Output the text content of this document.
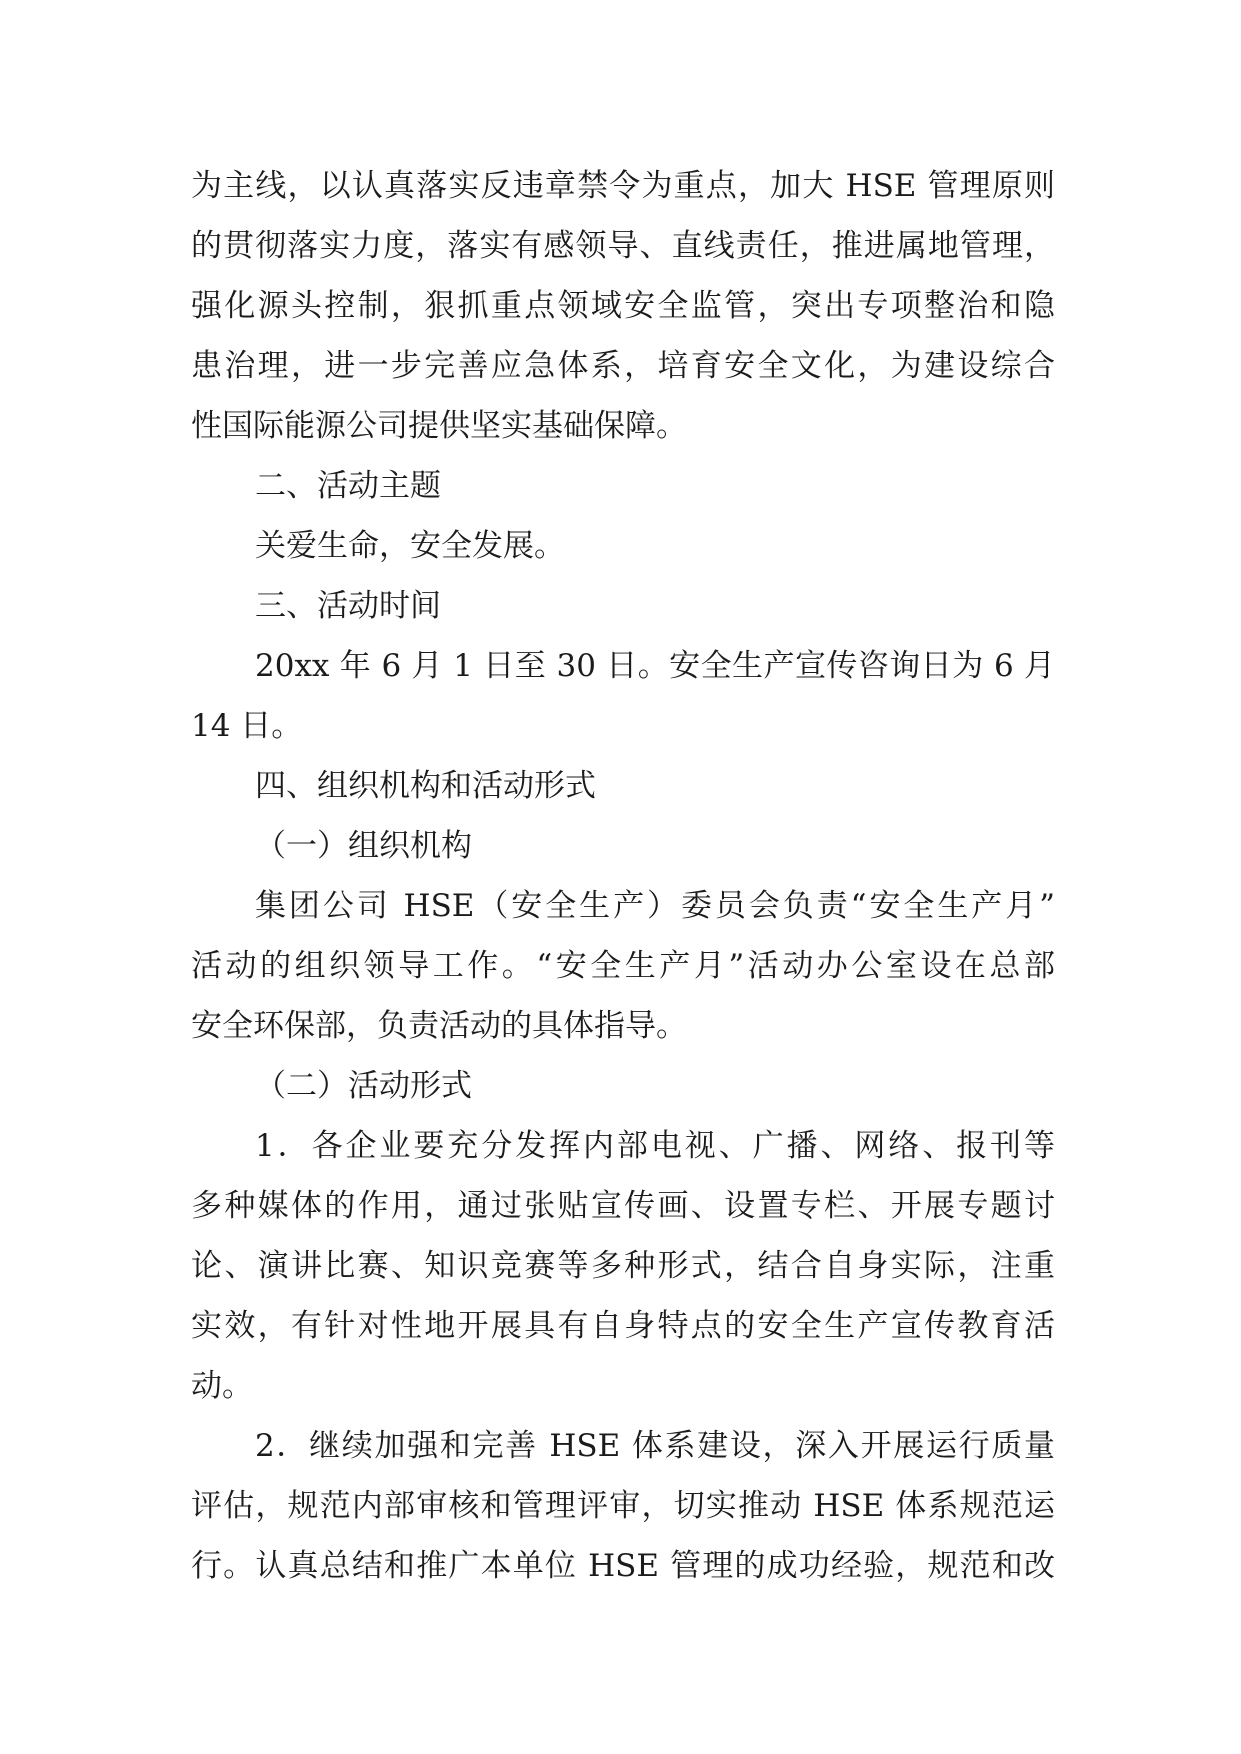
为主线，以认真落实反违章禁令为重点，加大 HSE 管理原则
的贯彻落实力度，落实有感领导、直线责任，推进属地管理，
强化源头控制，狠抓重点领域安全监管，突出专项整治和隐
患治理，进一步完善应急体系，培育安全文化，为建设综合
性国际能源公司提供坚实基础保障。
二、活动主题
关爱生命，安全发展。
三、活动时间
20xx 年 6 月 1 日至 30 日。安全生产宣传咨询日为 6 月
14 日。
四、组织机构和活动形式
（一）组织机构
集团公司 HSE（安全生产）委员会负责“安全生产月”
活动的组织领导工作。“安全生产月”活动办公室设在总部
安全环保部，负责活动的具体指导。
（二）活动形式
1．各企业要充分发挥内部电视、广播、网络、报刊等
多种媒体的作用，通过张贴宣传画、设置专栏、开展专题讨
论、演讲比赛、知识竞赛等多种形式，结合自身实际，注重
实效，有针对性地开展具有自身特点的安全生产宣传教育活
动。
2．继续加强和完善 HSE 体系建设，深入开展运行质量
评估，规范内部审核和管理评审，切实推动 HSE 体系规范运
行。认真总结和推广本单位 HSE 管理的成功经验，规范和改
